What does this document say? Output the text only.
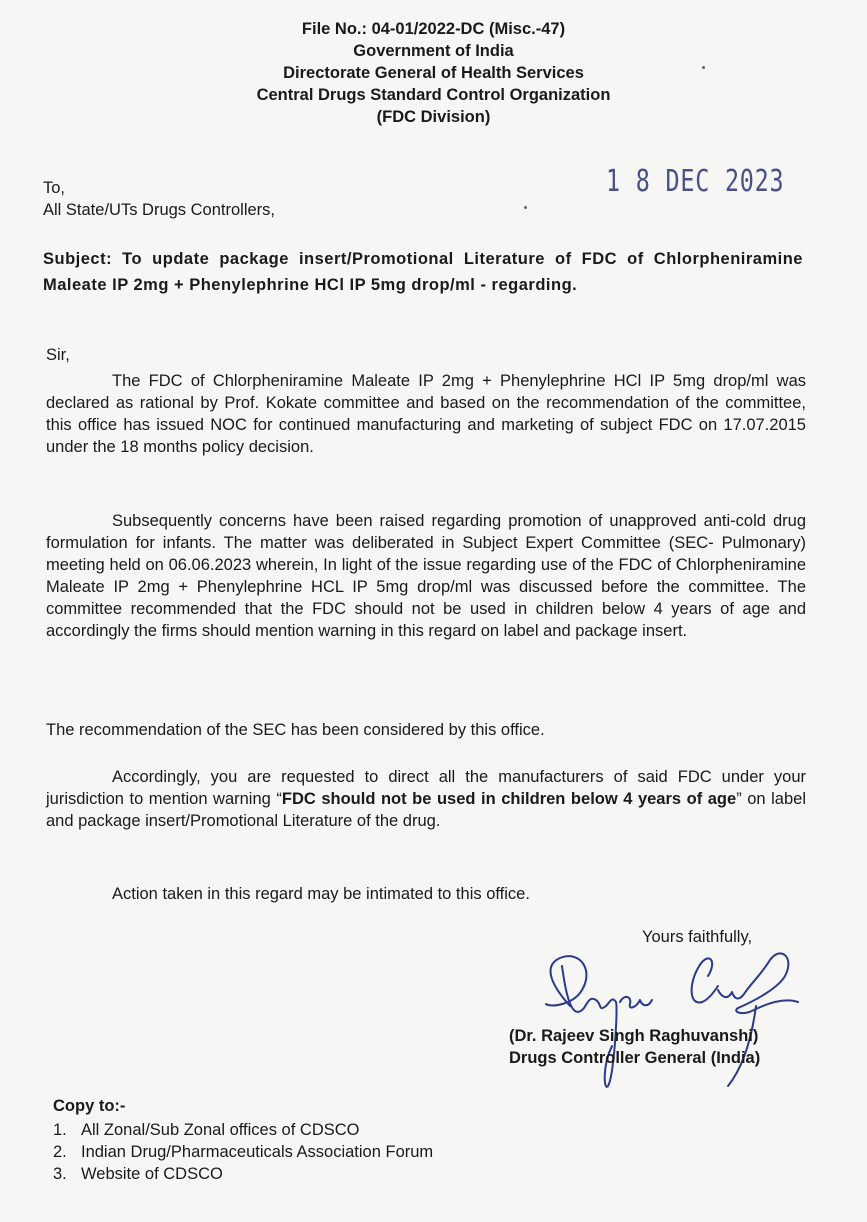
File No.: 04-01/2022-DC (Misc.-47)
Government of India
Directorate General of Health Services
Central Drugs Standard Control Organization
(FDC Division)
1 8 DEC 2023
To,
All State/UTs Drugs Controllers,
Subject: To update package insert/Promotional Literature of FDC of Chlorpheniramine Maleate IP 2mg + Phenylephrine HCl IP 5mg drop/ml - regarding.
Sir,
The FDC of Chlorpheniramine Maleate IP 2mg + Phenylephrine HCl IP 5mg drop/ml was declared as rational by Prof. Kokate committee and based on the recommendation of the committee, this office has issued NOC for continued manufacturing and marketing of subject FDC on 17.07.2015 under the 18 months policy decision.
Subsequently concerns have been raised regarding promotion of unapproved anti-cold drug formulation for infants. The matter was deliberated in Subject Expert Committee (SEC- Pulmonary) meeting held on 06.06.2023 wherein, In light of the issue regarding use of the FDC of Chlorpheniramine Maleate IP 2mg + Phenylephrine HCL IP 5mg drop/ml was discussed before the committee. The committee recommended that the FDC should not be used in children below 4 years of age and accordingly the firms should mention warning in this regard on label and package insert.
The recommendation of the SEC has been considered by this office.
Accordingly, you are requested to direct all the manufacturers of said FDC under your jurisdiction to mention warning “FDC should not be used in children below 4 years of age” on label and package insert/Promotional Literature of the drug.
Action taken in this regard may be intimated to this office.
Yours faithfully,
(Dr. Rajeev Singh Raghuvanshi)
Drugs Controller General (India)
Copy to:-
1. All Zonal/Sub Zonal offices of CDSCO
2. Indian Drug/Pharmaceuticals Association Forum
3. Website of CDSCO
